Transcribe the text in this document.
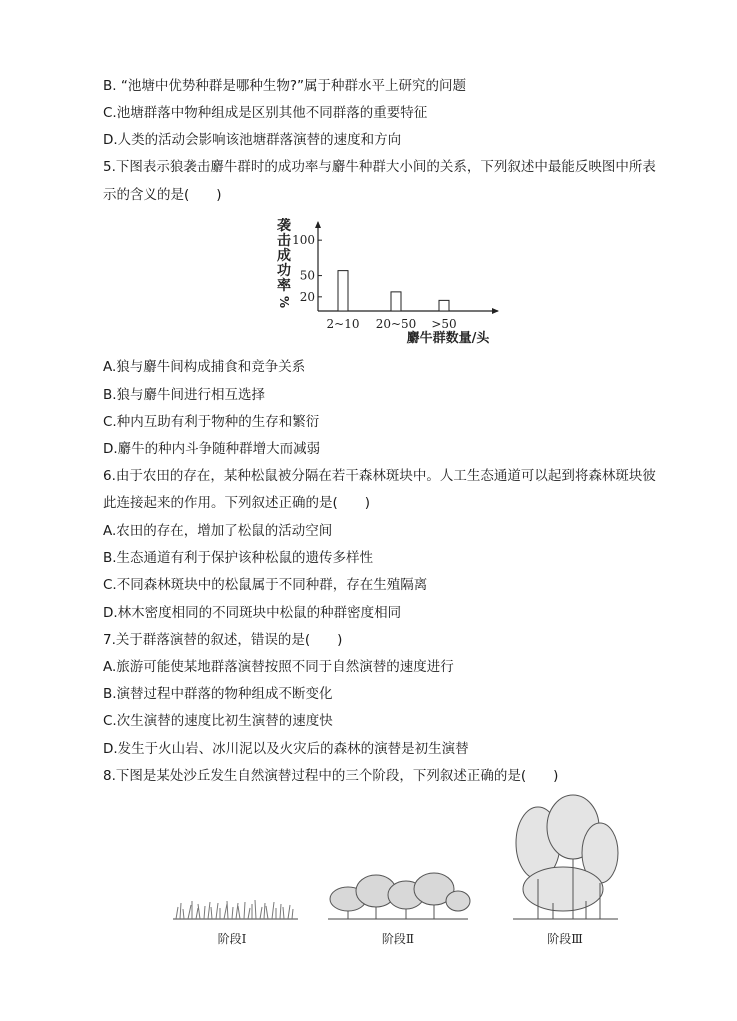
B. “池塘中优势种群是哪种生物?”属于种群水平上研究的问题
C.池塘群落中物种组成是区别其他不同群落的重要特征
D.人类的活动会影响该池塘群落演替的速度和方向
5.下图表示狼袭击麝牛群时的成功率与麝牛种群大小间的关系，下列叙述中最能反映图中所表
示的含义的是(　　)
20
50
100
袭
击
成
功
率
%
2~10 20~50 >50
麝牛群数量/头
A.狼与麝牛间构成捕食和竞争关系
B.狼与麝牛间进行相互选择
C.种内互助有利于物种的生存和繁衍
D.麝牛的种内斗争随种群增大而减弱
6.由于农田的存在，某种松鼠被分隔在若干森林斑块中。人工生态通道可以起到将森林斑块彼
此连接起来的作用。下列叙述正确的是(　　)
A.农田的存在，增加了松鼠的活动空间
B.生态通道有利于保护该种松鼠的遗传多样性
C.不同森林斑块中的松鼠属于不同种群，存在生殖隔离
D.林木密度相同的不同斑块中松鼠的种群密度相同
7.关于群落演替的叙述，错误的是(　　)
A.旅游可能使某地群落演替按照不同于自然演替的速度进行
B.演替过程中群落的物种组成不断变化
C.次生演替的速度比初生演替的速度快
D.发生于火山岩、冰川泥以及火灾后的森林的演替是初生演替
8.下图是某处沙丘发生自然演替过程中的三个阶段，下列叙述正确的是(　　)
阶段Ⅰ	阶段Ⅱ	阶段Ⅲ
